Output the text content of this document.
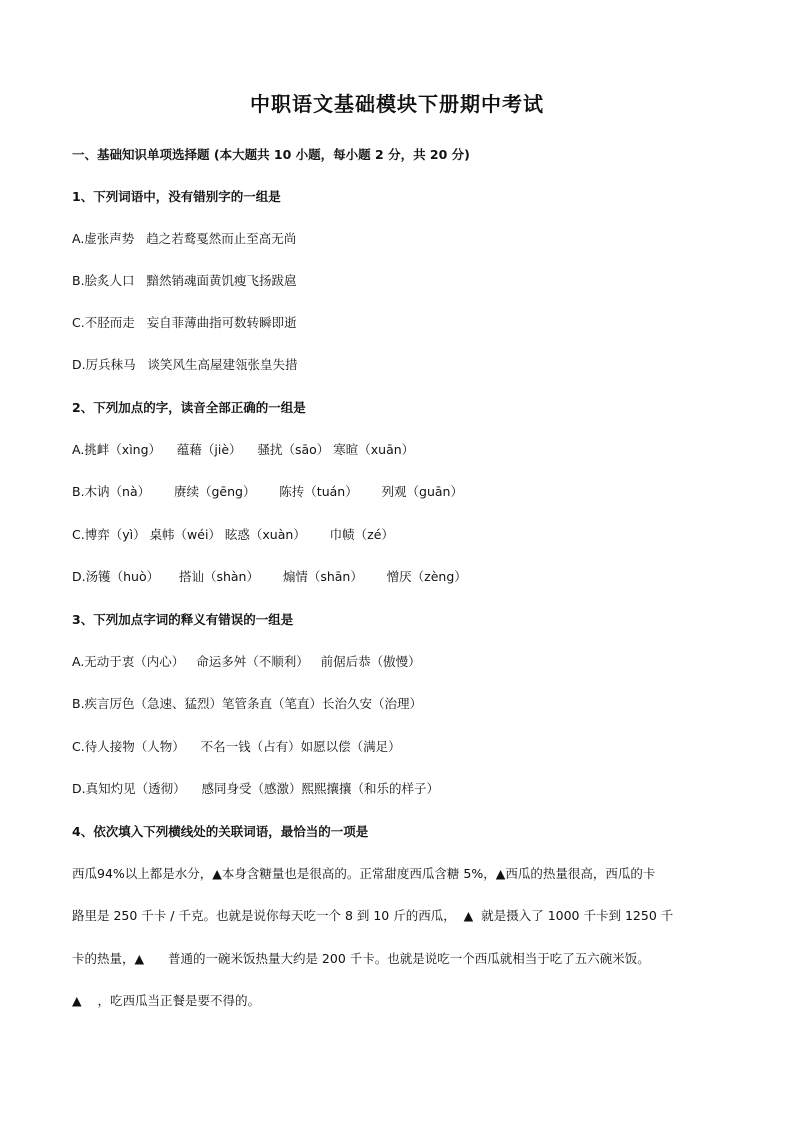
中职语文基础模块下册期中考试
一、基础知识单项选择题 (本大题共 10 小题，每小题 2 分，共 20 分)
1、下列词语中，没有错别字的一组是
A.虚张声势   趋之若鹜戛然而止至高无尚
B.脍炙人口   黯然销魂面黄饥瘦飞扬跋扈
C.不胫而走   妄自菲薄曲指可数转瞬即逝
D.厉兵秣马   谈笑风生高屋建瓴张皇失措
2、下列加点的字，读音全部正确的一组是
A.挑衅（xìng）    蕴藉（jiè）    骚扰（sāo） 寒暄（xuān）
B.木讷（nà）      赓续（gēng）      陈抟（tuán）      列观（guān）
C.博弈（yì） 桌帏（wéi） 眩惑（xuàn）      巾帻（zé）
D.汤镬（huò）     搭讪（shàn）      煽情（shān）      憎厌（zèng）
3、下列加点字词的释义有错误的一组是
A.无动于衷（内心）   命运多舛（不顺利）   前倨后恭（傲慢）
B.疾言厉色（急速、猛烈）笔管条直（笔直）长治久安（治理）
C.待人接物（人物）    不名一钱（占有）如愿以偿（满足）
D.真知灼见（透彻）    感同身受（感激）熙熙攘攘（和乐的样子）
4、依次填入下列横线处的关联词语，最恰当的一项是
西瓜94%以上都是水分，▲本身含糖量也是很高的。正常甜度西瓜含糖 5%，▲西瓜的热量很高，西瓜的卡
路里是 250 千卡 / 千克。也就是说你每天吃一个 8 到 10 斤的西瓜，  ▲  就是摄入了 1000 千卡到 1250 千
卡的热量，▲      普通的一碗米饭热量大约是 200 千卡。也就是说吃一个西瓜就相当于吃了五六碗米饭。
▲    ，吃西瓜当正餐是要不得的。
